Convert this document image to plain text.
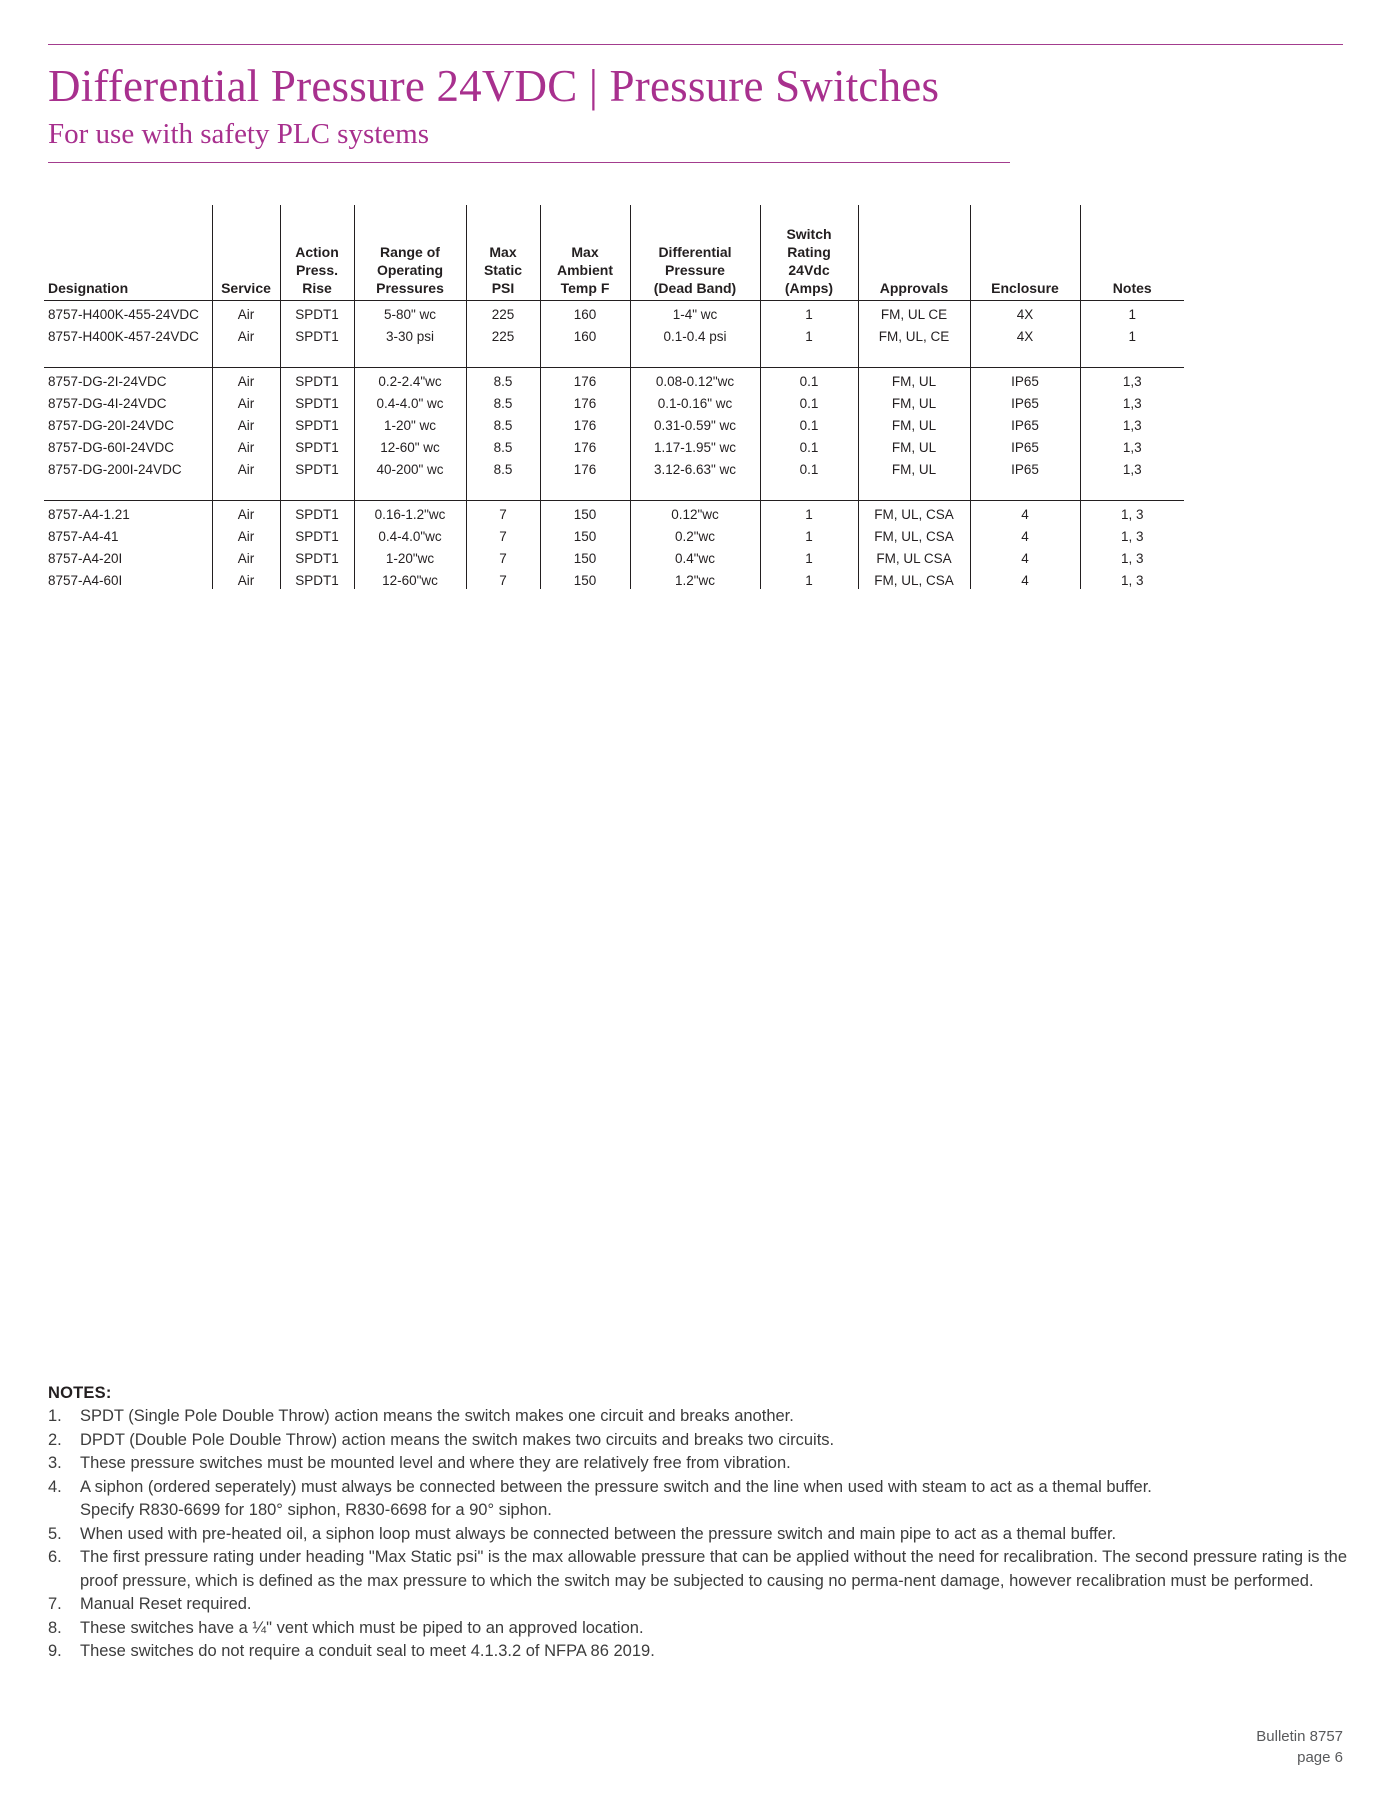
Differential Pressure 24VDC | Pressure Switches
For use with safety PLC systems
Designation	Service	Action
Press.
Rise	Range of
Operating
Pressures	Max
Static
PSI	Max
Ambient
Temp F	Differential
Pressure
(Dead Band)	Switch
Rating
24Vdc
(Amps)	Approvals	Enclosure	Notes
8757-H400K-455-24VDC	Air	SPDT1	5-80" wc	225	160	1-4" wc	1	FM, UL CE	4X	1
8757-H400K-457-24VDC	Air	SPDT1	3-30 psi	225	160	0.1-0.4 psi	1	FM, UL, CE	4X	1

8757-DG-2I-24VDC	Air	SPDT1	0.2-2.4"wc	8.5	176	0.08-0.12"wc	0.1	FM, UL	IP65	1,3
8757-DG-4I-24VDC	Air	SPDT1	0.4-4.0" wc	8.5	176	0.1-0.16" wc	0.1	FM, UL	IP65	1,3
8757-DG-20I-24VDC	Air	SPDT1	1-20" wc	8.5	176	0.31-0.59" wc	0.1	FM, UL	IP65	1,3
8757-DG-60I-24VDC	Air	SPDT1	12-60" wc	8.5	176	1.17-1.95" wc	0.1	FM, UL	IP65	1,3
8757-DG-200I-24VDC	Air	SPDT1	40-200" wc	8.5	176	3.12-6.63" wc	0.1	FM, UL	IP65	1,3

8757-A4-1.21	Air	SPDT1	0.16-1.2"wc	7	150	0.12"wc	1	FM, UL, CSA	4	1, 3
8757-A4-41	Air	SPDT1	0.4-4.0"wc	7	150	0.2"wc	1	FM, UL, CSA	4	1, 3
8757-A4-20I	Air	SPDT1	1-20"wc	7	150	0.4"wc	1	FM, UL CSA	4	1, 3
8757-A4-60I	Air	SPDT1	12-60"wc	7	150	1.2"wc	1	FM, UL, CSA	4	1, 3
NOTES:
1.	SPDT (Single Pole Double Throw) action means the switch makes one circuit and breaks another.
2.	DPDT (Double Pole Double Throw) action means the switch makes two circuits and breaks two circuits.
3.	These pressure switches must be mounted level and where they are relatively free from vibration.
4.	A siphon (ordered seperately) must always be connected between the pressure switch and the line when used with steam to act as a themal buffer.
Specify R830-6699 for 180° siphon, R830-6698 for a 90° siphon.
5.	When used with pre-heated oil, a siphon loop must always be connected between the pressure switch and main pipe to act as a themal buffer.
6.	The first pressure rating under heading "Max Static psi" is the max allowable pressure that can be applied without the need for recalibration. The second pressure rating is the proof pressure, which is defined as the max pressure to which the switch may be subjected to causing no perma-nent damage, however recalibration must be performed.
7.	Manual Reset required.
8.	These switches have a ¼" vent which must be piped to an approved location.
9.	These switches do not require a conduit seal to meet 4.1.3.2 of NFPA 86 2019.
Bulletin 8757
page 6
